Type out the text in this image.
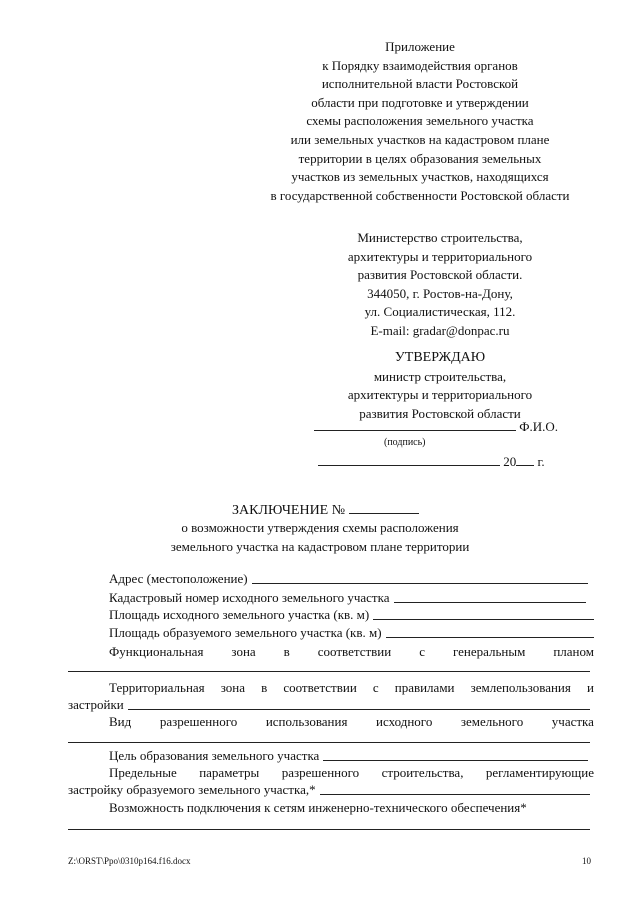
Приложение
к Порядку взаимодействия органов
исполнительной власти Ростовской
области при подготовке и утверждении
схемы расположения земельного участка
или земельных участков на кадастровом плане
территории в целях образования земельных
участков из земельных участков, находящихся
в государственной собственности Ростовской области
Министерство строительства,
архитектуры и территориального
развития Ростовской области.
344050, г. Ростов-на-Дону,
ул. Социалистическая, 112.
E-mail: gradar@donpac.ru
УТВЕРЖДАЮ
министр строительства,
архитектуры и территориального
развития Ростовской области
Ф.И.О.
(подпись)
20 г.
ЗАКЛЮЧЕНИЕ №
о возможности утверждения схемы расположения
земельного участка на кадастровом плане территории
Адрес (местоположение)
Кадастровый номер исходного земельного участка
Площадь исходного земельного участка (кв. м)
Площадь образуемого земельного участка (кв. м)
Функциональная зона в соответствии с генеральным планом
Территориальная зона в соответствии с правилами землепользования и
застройки
Вид разрешенного использования исходного земельного участка
Цель образования земельного участка
Предельные параметры разрешенного строительства, регламентирующие
застройку образуемого земельного участка,*
Возможность подключения к сетям инженерно-технического обеспечения*
Z:\ORST\Ppo\0310p164.f16.docx	10
